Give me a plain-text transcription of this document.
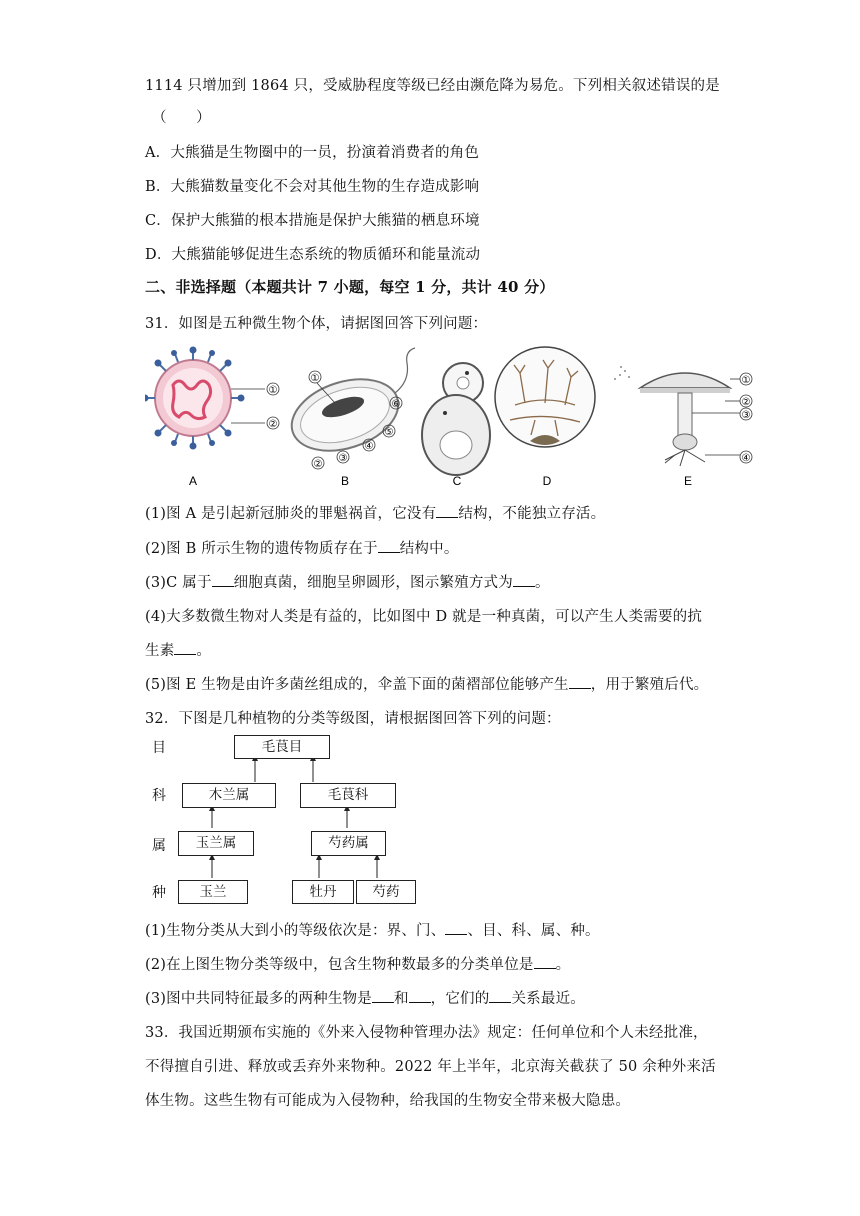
1114 只增加到 1864 只，受威胁程度等级已经由濒危降为易危。下列相关叙述错误的是
（　　）
A．大熊猫是生物圈中的一员，扮演着消费者的角色
B．大熊猫数量变化不会对其他生物的生存造成影响
C．保护大熊猫的根本措施是保护大熊猫的栖息环境
D．大熊猫能够促进生态系统的物质循环和能量流动
二、非选择题（本题共计 7 小题，每空 1 分，共计 40 分）
31．如图是五种微生物个体，请据图回答下列问题：
①
②
A
①
②
③
④
⑤
⑥
B	C	D
①
②
③
④
E
(1)图 A 是引起新冠肺炎的罪魁祸首，它没有 结构，不能独立存活。
(2)图 B 所示生物的遗传物质存在于 结构中。
(3)C 属于 细胞真菌，细胞呈卵圆形，图示繁殖方式为 。
(4)大多数微生物对人类是有益的，比如图中 D 就是一种真菌，可以产生人类需要的抗
生素 。
(5)图 E 生物是由许多菌丝组成的，伞盖下面的菌褶部位能够产生 ，用于繁殖后代。
32．下图是几种植物的分类等级图，请根据图回答下列的问题：
目
科
属
种
毛茛目
木兰属	毛茛科
玉兰属	芍药属
玉兰	牡丹	芍药
(1)生物分类从大到小的等级依次是：界、门、 、目、科、属、种。
(2)在上图生物分类等级中，包含生物种数最多的分类单位是 。
(3)图中共同特征最多的两种生物是 和 ，它们的 关系最近。
33．我国近期颁布实施的《外来入侵物种管理办法》规定：任何单位和个人未经批准，
不得擅自引进、释放或丢弃外来物种。2022 年上半年，北京海关截获了 50 余种外来活
体生物。这些生物有可能成为入侵物种，给我国的生物安全带来极大隐患。
